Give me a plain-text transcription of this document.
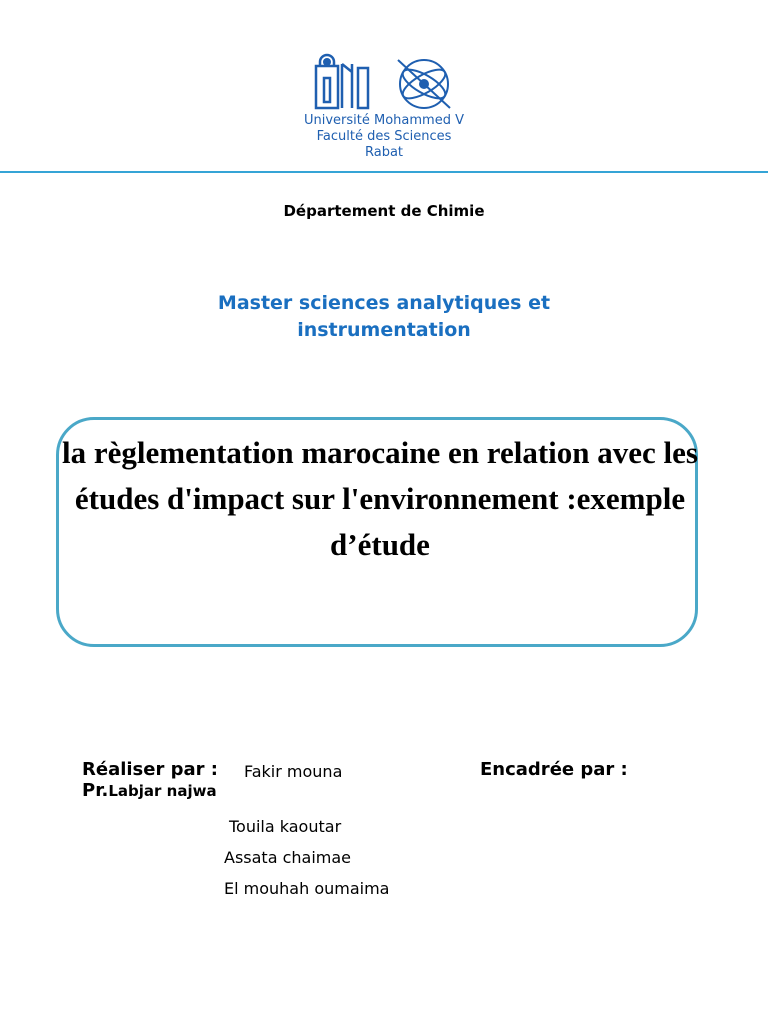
Université Mohammed V
Faculté des Sciences
Rabat
Département de Chimie
Master sciences analytiques et instrumentation
la règlementation marocaine en relation avec les études d'impact sur l'environnement :exemple d’étude
Réaliser par : Fakir mouna	Encadrée par :
Pr.Labjar najwa
Touila kaoutar
Assata chaimae
El mouhah oumaima
